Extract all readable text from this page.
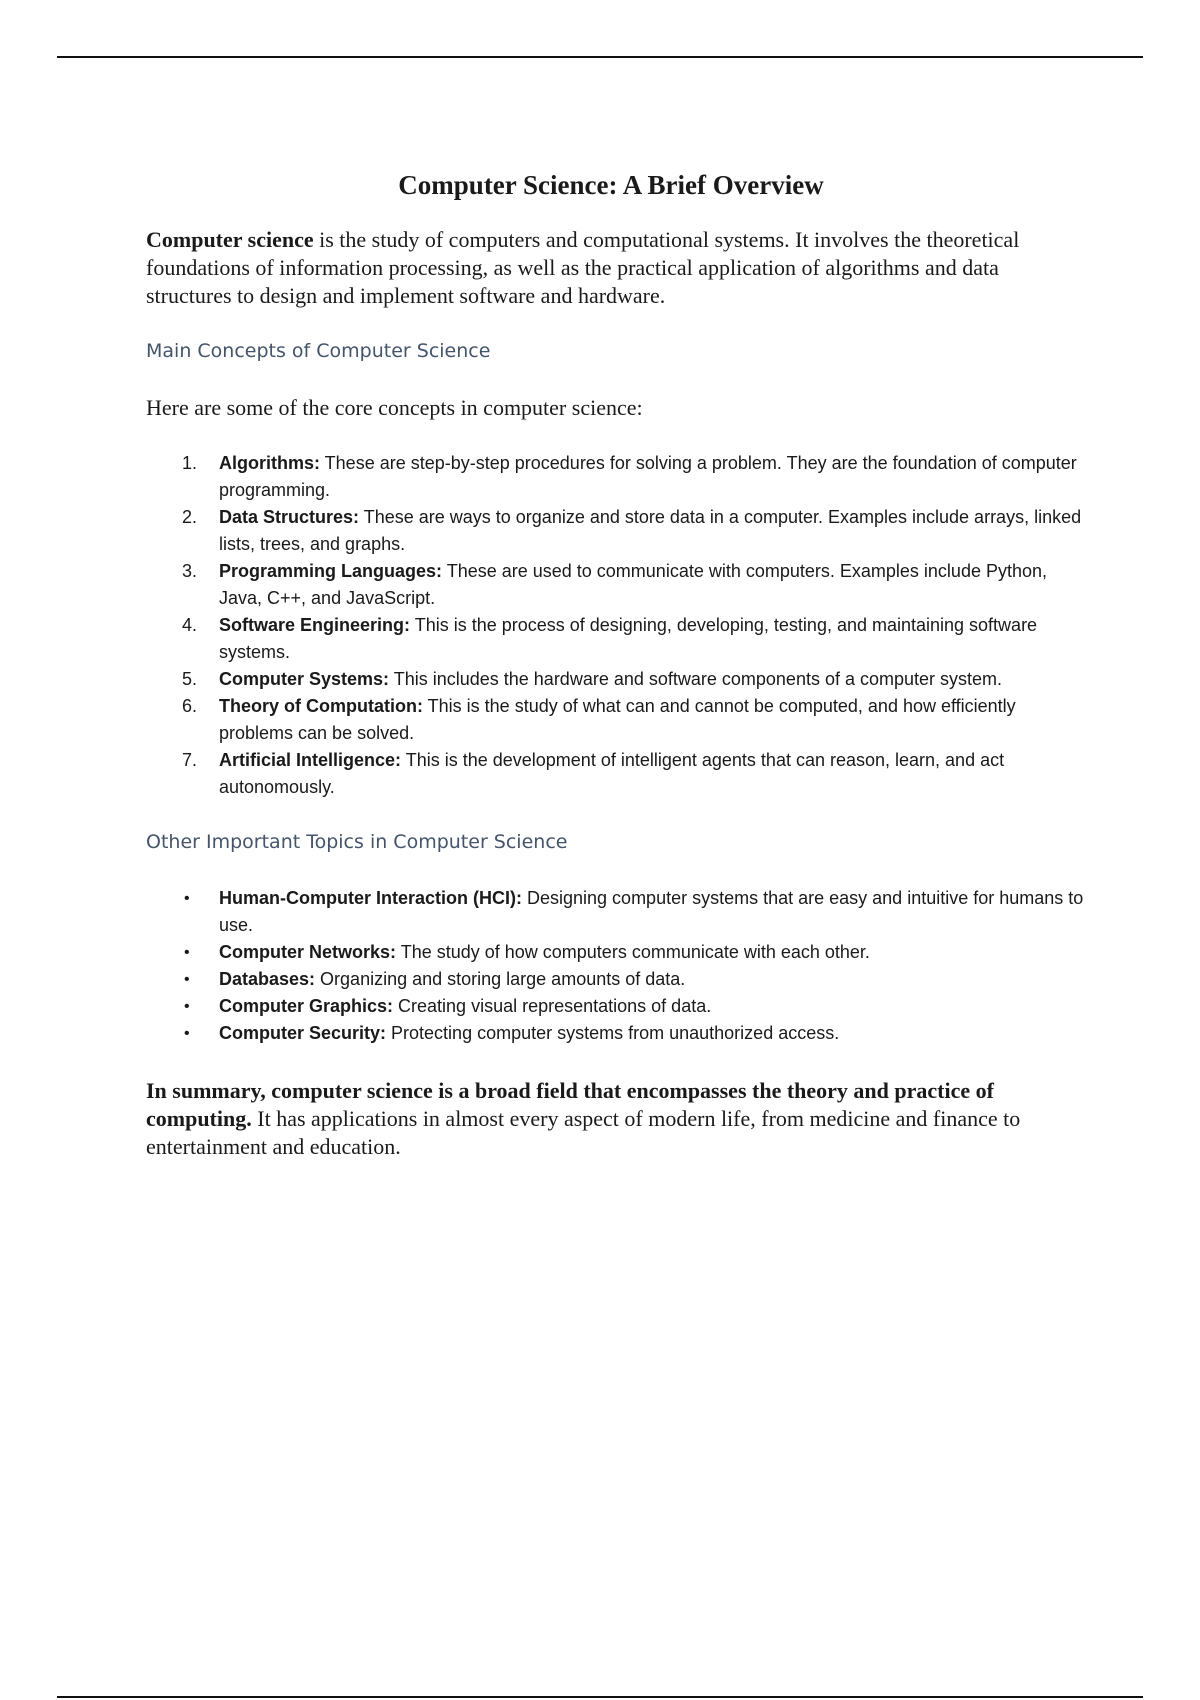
Computer Science: A Brief Overview

Computer science is the study of computers and computational systems. It involves the theoretical foundations of information processing, as well as the practical application of algorithms and data structures to design and implement software and hardware.

Main Concepts of Computer Science

Here are some of the core concepts in computer science:

1. Algorithms: These are step-by-step procedures for solving a problem. They are the foundation of computer programming.
2. Data Structures: These are ways to organize and store data in a computer. Examples include arrays, linked lists, trees, and graphs.
3. Programming Languages: These are used to communicate with computers. Examples include Python, Java, C++, and JavaScript.
4. Software Engineering: This is the process of designing, developing, testing, and maintaining software systems.
5. Computer Systems: This includes the hardware and software components of a computer system.
6. Theory of Computation: This is the study of what can and cannot be computed, and how efficiently problems can be solved.
7. Artificial Intelligence: This is the development of intelligent agents that can reason, learn, and act autonomously.
Other Important Topics in Computer Science
• Human-Computer Interaction (HCI): Designing computer systems that are easy and intuitive for humans to use.
• Computer Networks: The study of how computers communicate with each other.
• Databases: Organizing and storing large amounts of data.
• Computer Graphics: Creating visual representations of data.
• Computer Security: Protecting computer systems from unauthorized access.

In summary, computer science is a broad field that encompasses the theory and practice of computing. It has applications in almost every aspect of modern life, from medicine and finance to entertainment and education.
